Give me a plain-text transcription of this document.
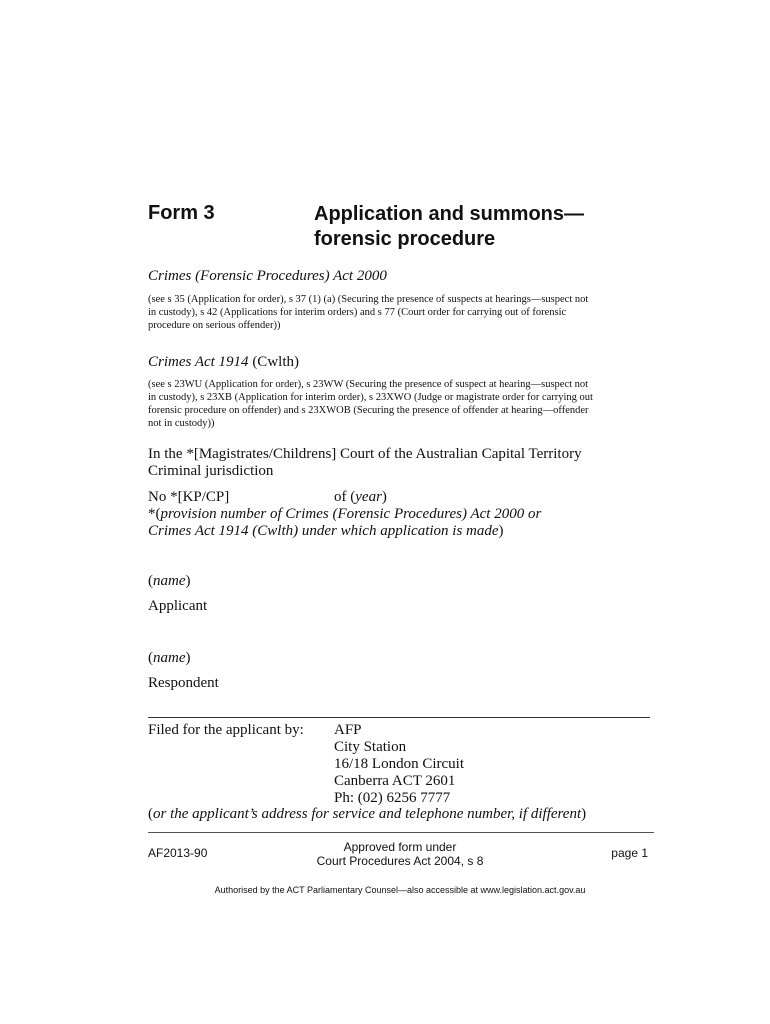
Form 3	Application and summons—
forensic procedure
Crimes (Forensic Procedures) Act 2000
(see s 35 (Application for order), s 37 (1) (a) (Securing the presence of suspects at hearings—suspect not
in custody), s 42 (Applications for interim orders) and s 77 (Court order for carrying out of forensic
procedure on serious offender))
Crimes Act 1914 (Cwlth)
(see s 23WU (Application for order), s 23WW (Securing the presence of suspect at hearing—suspect not
in custody), s 23XB (Application for interim order), s 23XWO (Judge or magistrate order for carrying out
forensic procedure on offender) and s 23XWOB (Securing the presence of offender at hearing—offender
not in custody))
In the *[Magistrates/Childrens] Court of the Australian Capital Territory
Criminal jurisdiction
No *[KP/CP]	of (year)
*(provision number of Crimes (Forensic Procedures) Act 2000 or
Crimes Act 1914 (Cwlth) under which application is made)
(name)
Applicant
(name)
Respondent
Filed for the applicant by: AFP
City Station
16/18 London Circuit
Canberra ACT 2601
Ph: (02) 6256 7777
(or the applicant’s address for service and telephone number, if different)
AF2013-90	Approved form under
Court Procedures Act 2004, s 8
page 1
Authorised by the ACT Parliamentary Counsel—also accessible at www.legislation.act.gov.au
